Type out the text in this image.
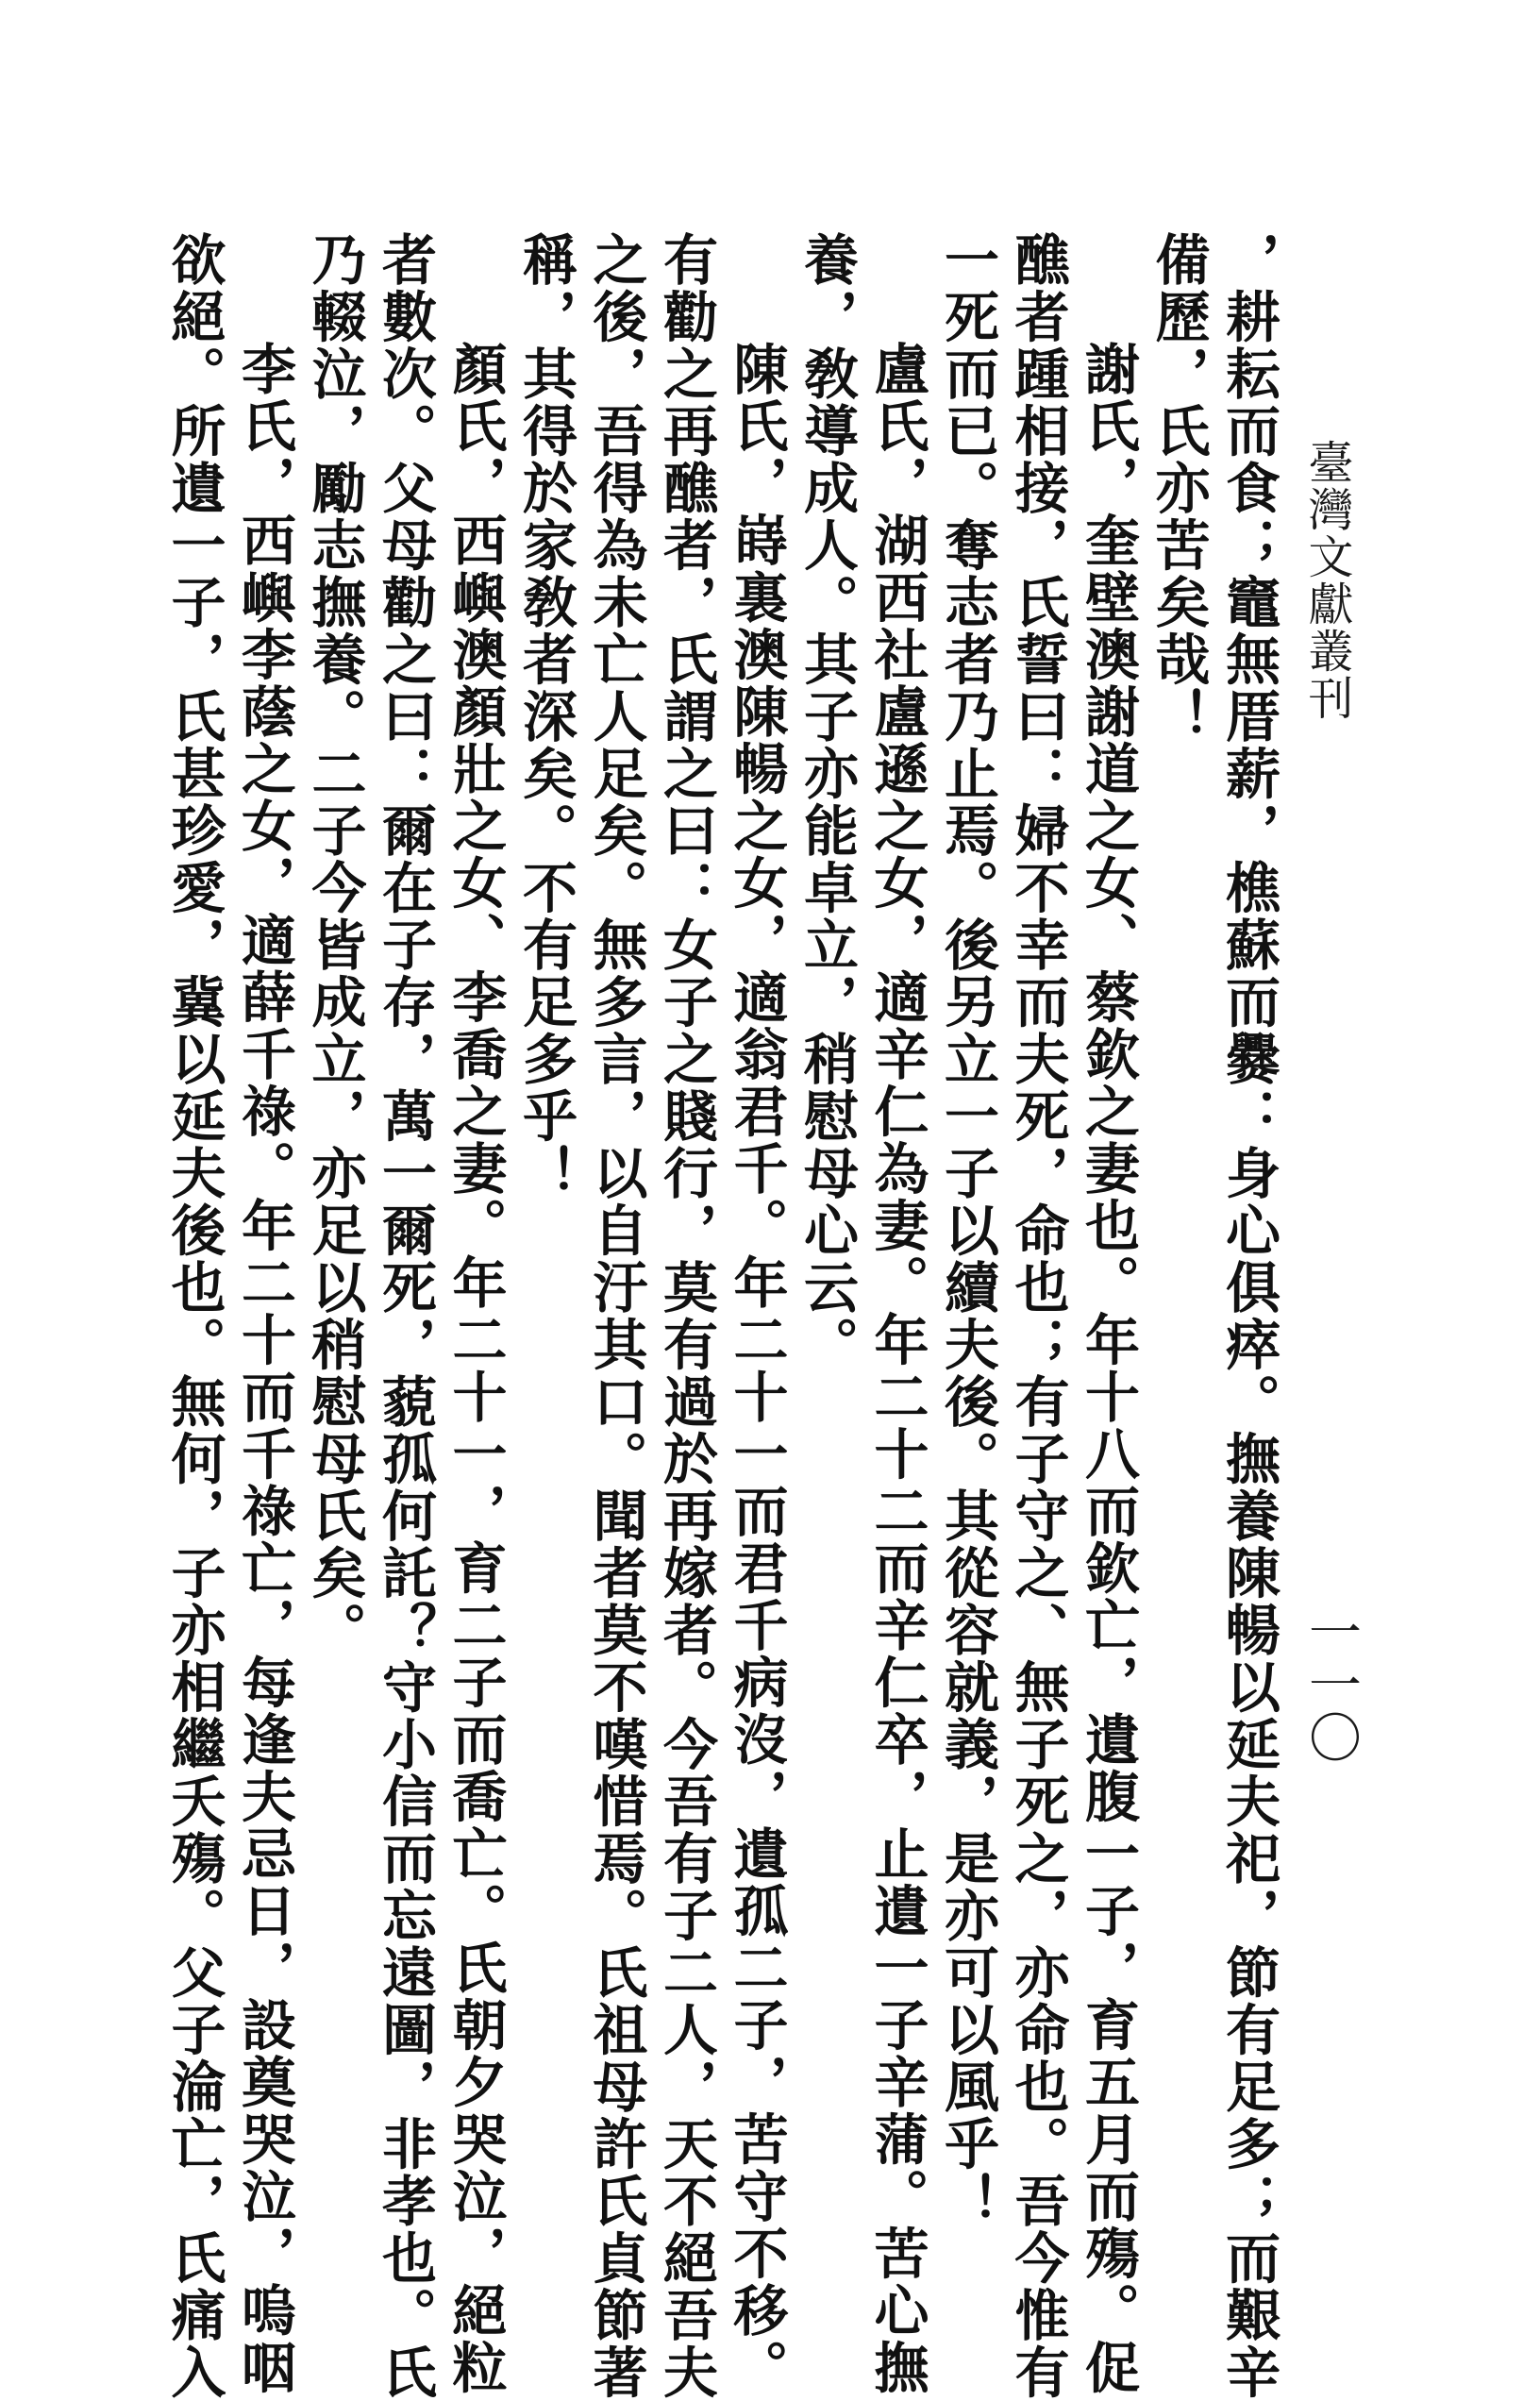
臺灣文獻叢刊
一一〇

，耕耘而食；竈無厝薪，樵蘇而爨：身心俱瘁。撫養陳暢以延夫祀，節有足多；而艱辛

備歷，氏亦苦矣哉！

謝氏，奎壁澳謝道之女、蔡欽之妻也。年十八而欽亡，遺腹一子，育五月而殤。促

醮者踵相接，氏誓曰：婦不幸而夫死，命也；有子守之、無子死之，亦命也。吾今惟有

一死而已。奪志者乃止焉。後另立一子以續夫後。其從容就義，是亦可以風乎！

盧氏，湖西社盧遜之女，適辛仁為妻。年二十二而辛仁卒，止遺一子辛蒲。苦心撫

養，敎導成人。其子亦能卓立，稍慰母心云。

陳氏，嵵裏澳陳暢之女，適翁君千。年二十一而君千病沒，遺孤二子，苦守不移。

有勸之再醮者，氏謂之曰：女子之賤行，莫有過於再嫁者。今吾有子二人，天不絕吾夫

之後，吾得為未亡人足矣。無多言，以自汙其口。聞者莫不嘆惜焉。氏祖母許氏貞節著

稱，其得於家敎者深矣。不有足多乎！

顏氏，西嶼澳顏壯之女、李喬之妻。年二十一，育二子而喬亡。氏朝夕哭泣，絕粒

者數次。父母勸之曰：爾在子存，萬一爾死，藐孤何託？守小信而忘遠圖，非孝也。氏

乃輟泣，勵志撫養。二子今皆成立，亦足以稍慰母氏矣。

李氏，西嶼李蔭之女，適薛千祿。年二十而千祿亡，每逢夫忌日，設奠哭泣，嗚咽

欲絕。所遺一子，氏甚珍愛，冀以延夫後也。無何，子亦相繼夭殤。父子淪亡，氏痛入
